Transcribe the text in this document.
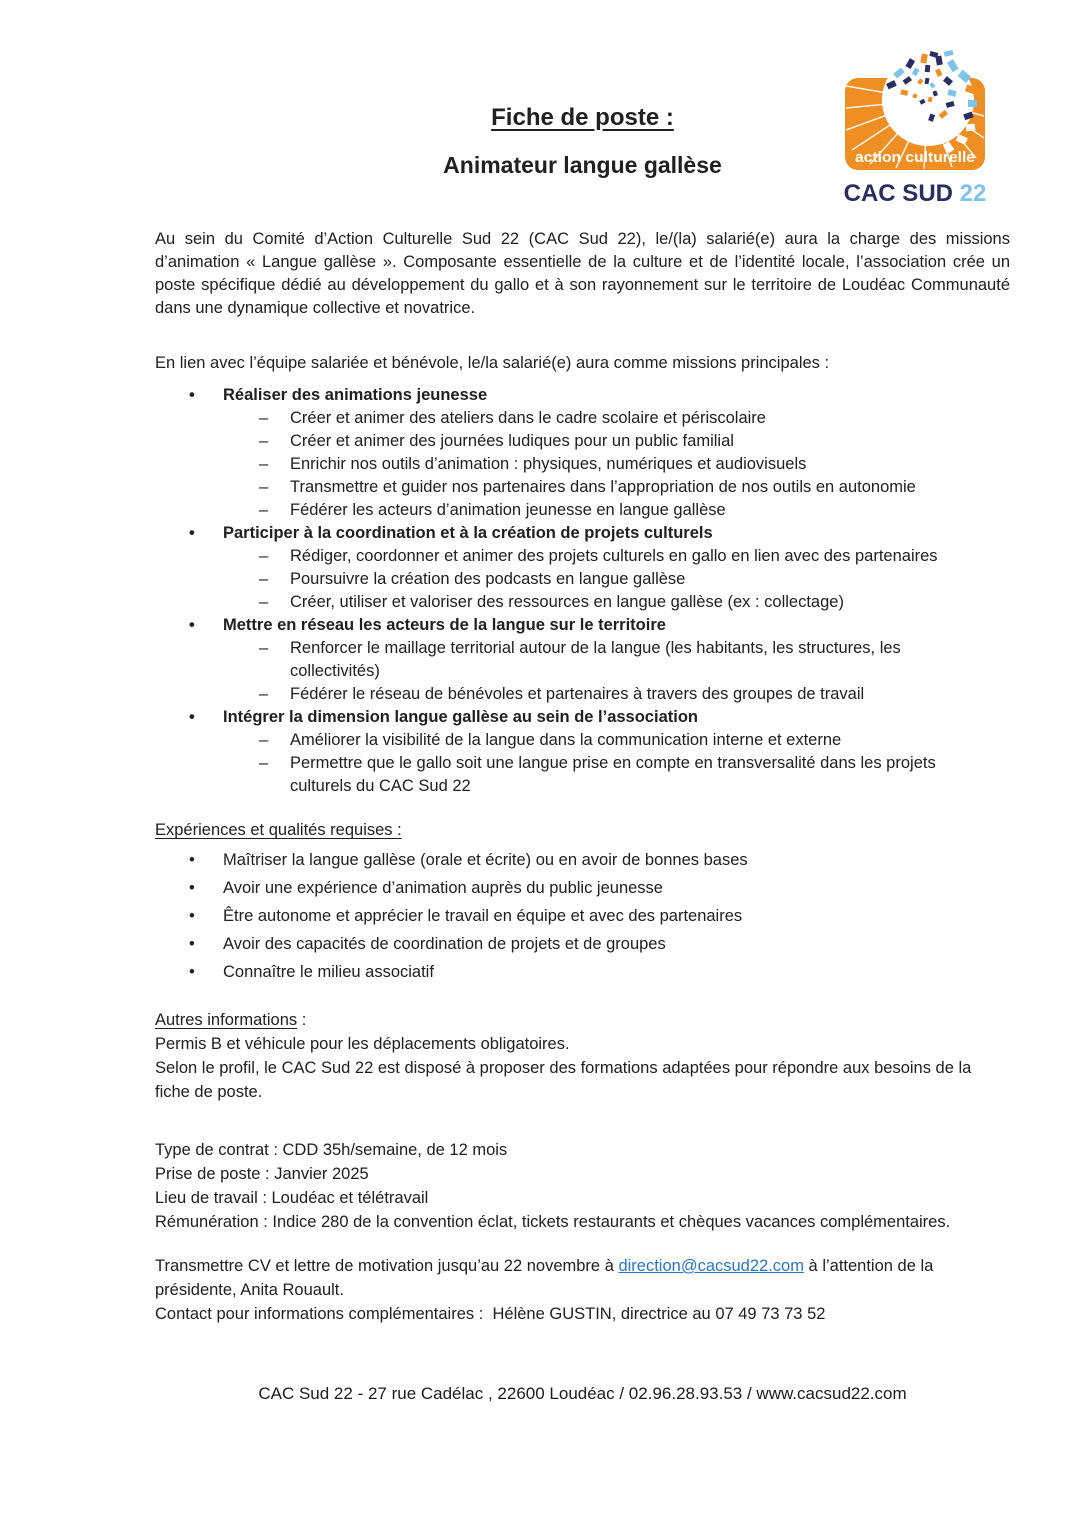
action culturelle
CAC SUD 22
Fiche de poste :
Animateur langue gallèse

Au sein du Comité d’Action Culturelle Sud 22 (CAC Sud 22), le/(la) salarié(e) aura la charge des missions d’animation « Langue gallèse ». Composante essentielle de la culture et de l’identité locale, l’association crée un poste spécifique dédié au développement du gallo et à son rayonnement sur le territoire de Loudéac Communauté dans une dynamique collective et novatrice.

En lien avec l’équipe salariée et bénévole, le/la salarié(e) aura comme missions principales :

•	Réaliser des animations jeunesse
–	Créer et animer des ateliers dans le cadre scolaire et périscolaire
–	Créer et animer des journées ludiques pour un public familial
–	Enrichir nos outils d’animation : physiques, numériques et audiovisuels
–	Transmettre et guider nos partenaires dans l’appropriation de nos outils en autonomie
–	Fédérer les acteurs d’animation jeunesse en langue gallèse
•	Participer à la coordination et à la création de projets culturels
–	Rédiger, coordonner et animer des projets culturels en gallo en lien avec des partenaires
–	Poursuivre la création des podcasts en langue gallèse
–	Créer, utiliser et valoriser des ressources en langue gallèse (ex : collectage)
•	Mettre en réseau les acteurs de la langue sur le territoire
–	Renforcer le maillage territorial autour de la langue (les habitants, les structures, les collectivités)
–	Fédérer le réseau de bénévoles et partenaires à travers des groupes de travail
•	Intégrer la dimension langue gallèse au sein de l’association
–	Améliorer la visibilité de la langue dans la communication interne et externe
–	Permettre que le gallo soit une langue prise en compte en transversalité dans les projets culturels du CAC Sud 22
Expériences et qualités requises :
•	Maîtriser la langue gallèse (orale et écrite) ou en avoir de bonnes bases
•	Avoir une expérience d’animation auprès du public jeunesse
•	Être autonome et apprécier le travail en équipe et avec des partenaires
•	Avoir des capacités de coordination de projets et de groupes
•	Connaître le milieu associatif
Autres informations :

Permis B et véhicule pour les déplacements obligatoires.

Selon le profil, le CAC Sud 22 est disposé à proposer des formations adaptées pour répondre aux besoins de la fiche de poste.

Type de contrat : CDD 35h/semaine, de 12 mois

Prise de poste : Janvier 2025

Lieu de travail : Loudéac et télétravail

Rémunération : Indice 280 de la convention éclat, tickets restaurants et chèques vacances complémentaires.

Transmettre CV et lettre de motivation jusqu’au 22 novembre à direction@cacsud22.com à l’attention de la présidente, Anita Rouault.

Contact pour informations complémentaires :  Hélène GUSTIN, directrice au 07 49 73 73 52

CAC Sud 22 - 27 rue Cadélac , 22600 Loudéac / 02.96.28.93.53 / www.cacsud22.com
